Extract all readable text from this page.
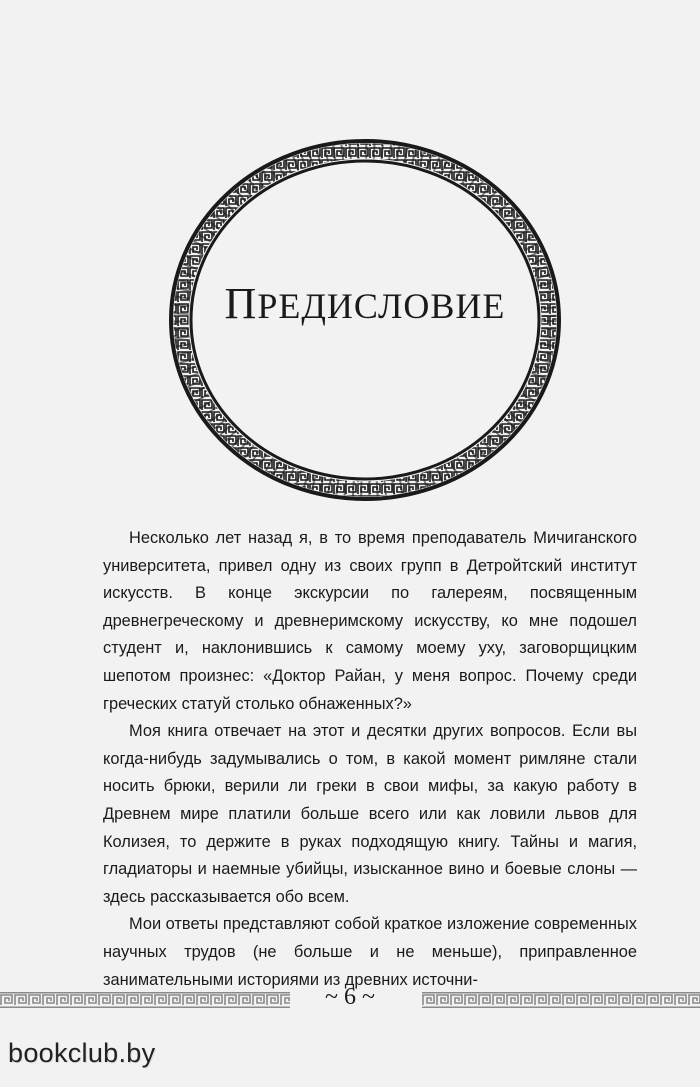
ПРЕДИСЛОВИЕ

Несколько лет назад я, в то время преподаватель Мичиганского университета, привел одну из своих групп в Детройтский институт искусств. В конце экскурсии по галереям, посвященным древнегреческому и древнеримскому искусству, ко мне подошел студент и, наклонившись к самому моему уху, заговорщицким шепотом произнес: «Доктор Райан, у меня вопрос. Почему среди греческих статуй столько обнаженных?»

Моя книга отвечает на этот и десятки других вопросов. Если вы когда-нибудь задумывались о том, в какой момент римляне стали носить брюки, верили ли греки в свои мифы, за какую работу в Древнем мире платили больше всего или как ловили львов для Колизея, то держите в руках подходящую книгу. Тайны и магия, гладиаторы и наемные убийцы, изысканное вино и боевые слоны — здесь рассказывается обо всем.

Мои ответы представляют собой краткое изложение современных научных трудов (не больше и не меньше), приправленное занимательными историями из древних источни-

~ 6 ~
bookclub.by
